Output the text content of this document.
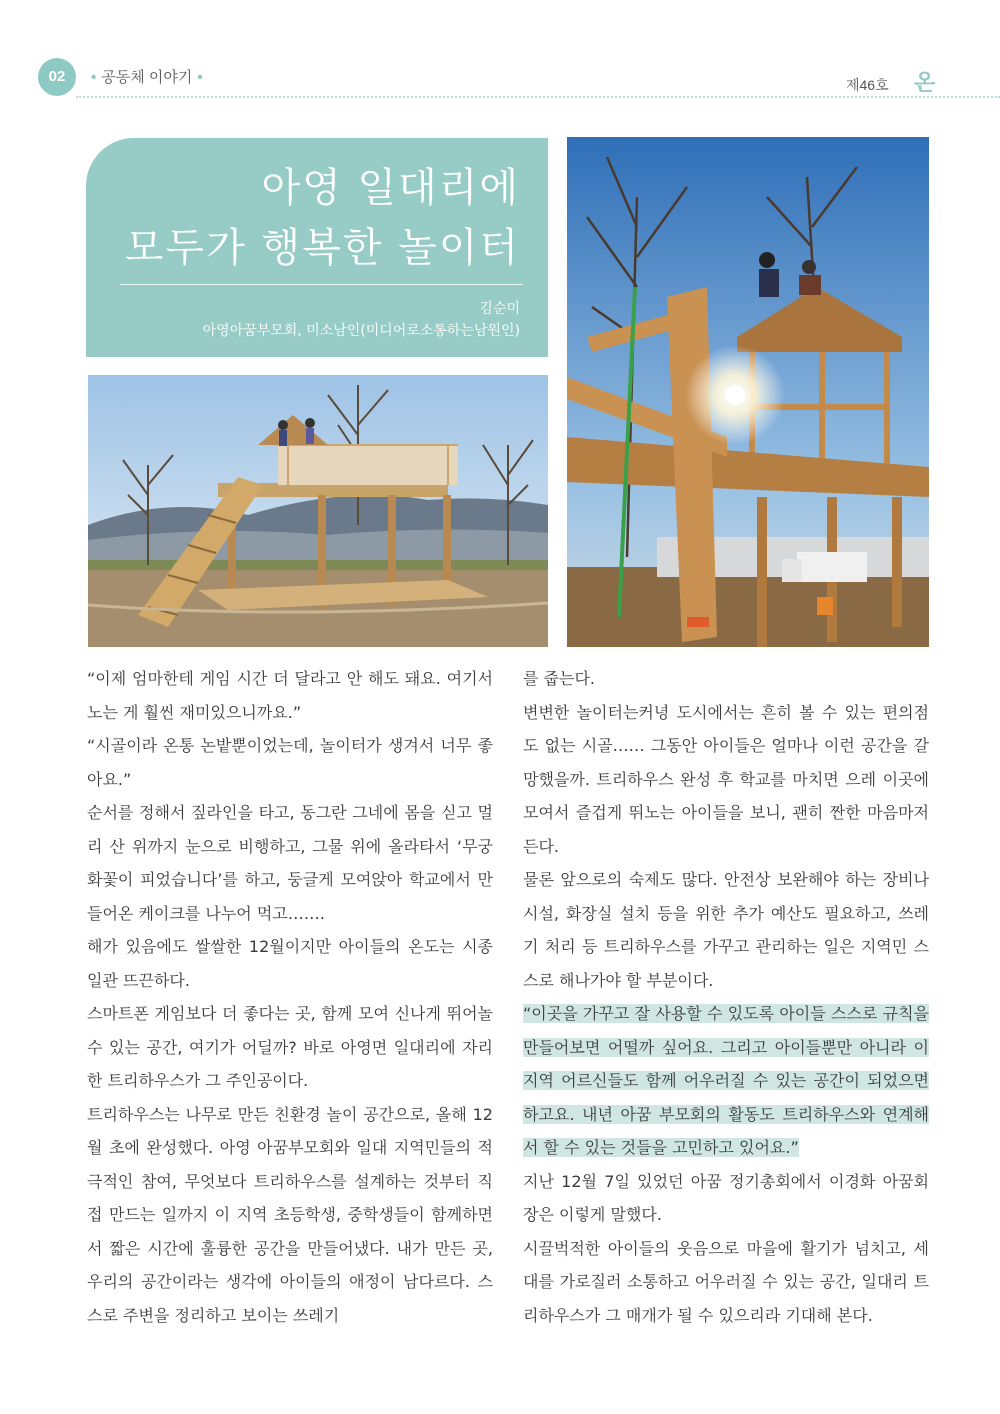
02	• 공동체 이야기 •	제46호 온
아영 일대리에
모두가 행복한 놀이터
김순미
아영아꿈부모회, 미소남인(미디어로소통하는남원인)

“이제 엄마한테 게임 시간 더 달라고 안 해도 돼요. 여기서 노는 게 훨씬 재미있으니까요.”

“시골이라 온통 논밭뿐이었는데, 놀이터가 생겨서 너무 좋아요.”

순서를 정해서 짚라인을 타고, 동그란 그네에 몸을 싣고 멀리 산 위까지 눈으로 비행하고, 그물 위에 올라타서 ‘무궁화꽃이 피었습니다’를 하고, 둥글게 모여앉아 학교에서 만들어온 케이크를 나누어 먹고…….

해가 있음에도 쌀쌀한 12월이지만 아이들의 온도는 시종일관 뜨끈하다.

스마트폰 게임보다 더 좋다는 곳, 함께 모여 신나게 뛰어놀 수 있는 공간, 여기가 어딜까? 바로 아영면 일대리에 자리한 트리하우스가 그 주인공이다.

트리하우스는 나무로 만든 친환경 놀이 공간으로, 올해 12월 초에 완성했다. 아영 아꿈부모회와 일대 지역민들의 적극적인 참여, 무엇보다 트리하우스를 설계하는 것부터 직접 만드는 일까지 이 지역 초등학생, 중학생들이 함께하면서 짧은 시간에 훌륭한 공간을 만들어냈다. 내가 만든 곳, 우리의 공간이라는 생각에 아이들의 애정이 남다르다. 스스로 주변을 정리하고 보이는 쓰레기

를 줍는다.

변변한 놀이터는커녕 도시에서는 흔히 볼 수 있는 편의점도 없는 시골…… 그동안 아이들은 얼마나 이런 공간을 갈망했을까. 트리하우스 완성 후 학교를 마치면 으레 이곳에 모여서 즐겁게 뛰노는 아이들을 보니, 괜히 짠한 마음마저 든다.

물론 앞으로의 숙제도 많다. 안전상 보완해야 하는 장비나 시설, 화장실 설치 등을 위한 추가 예산도 필요하고, 쓰레기 처리 등 트리하우스를 가꾸고 관리하는 일은 지역민 스스로 해나가야 할 부분이다.

“이곳을 가꾸고 잘 사용할 수 있도록 아이들 스스로 규칙을 만들어보면 어떨까 싶어요. 그리고 아이들뿐만 아니라 이 지역 어르신들도 함께 어우러질 수 있는 공간이 되었으면 하고요. 내년 아꿈 부모회의 활동도 트리하우스와 연계해서 할 수 있는 것들을 고민하고 있어요.”

지난 12월 7일 있었던 아꿈 정기총회에서 이경화 아꿈회장은 이렇게 말했다.

시끌벅적한 아이들의 웃음으로 마을에 활기가 넘치고, 세대를 가로질러 소통하고 어우러질 수 있는 공간, 일대리 트리하우스가 그 매개가 될 수 있으리라 기대해 본다.
